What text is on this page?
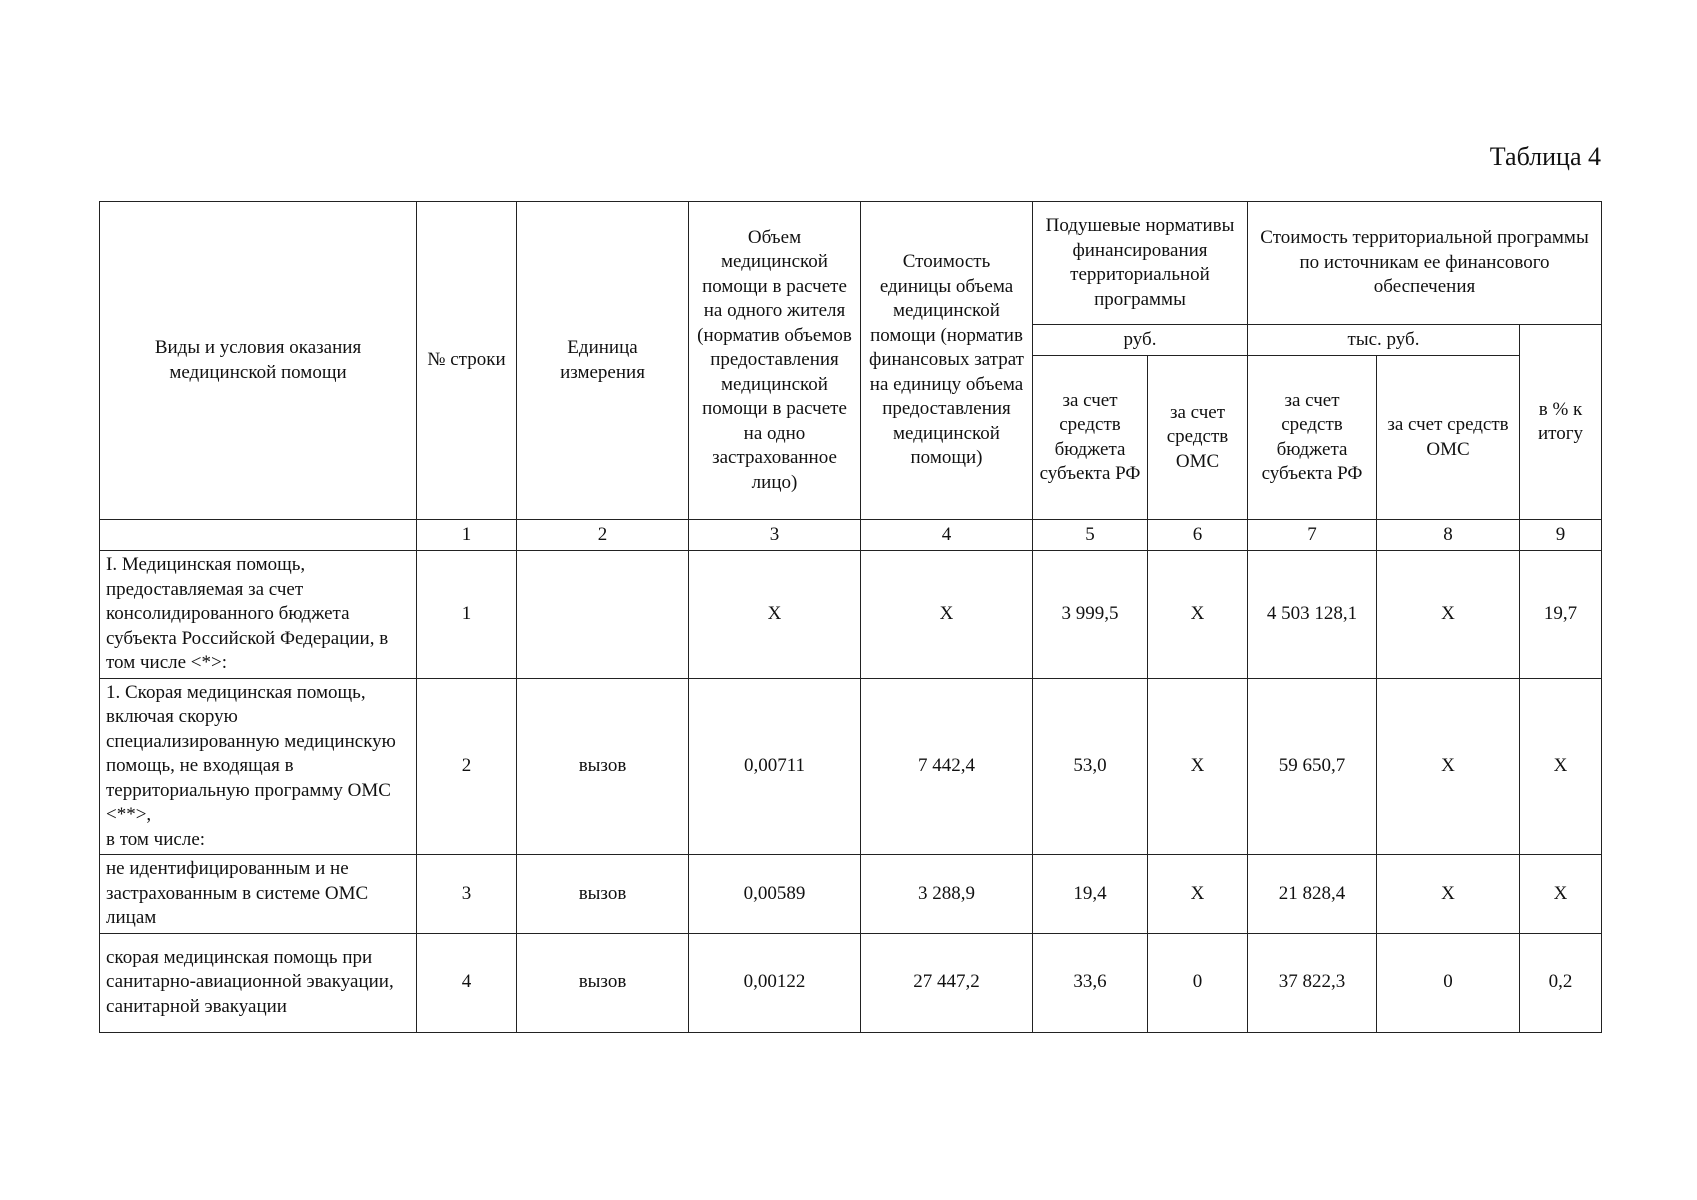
Таблица 4
Виды и условия оказания медицинской помощи	№ строки	Единица измерения	Объем медицинской помощи в расчете на одного жителя (норматив объемов предоставления медицинской помощи в расчете на одно застрахованное лицо)	Стоимость единицы объема медицинской помощи (норматив финансовых затрат на единицу объема предоставления медицинской помощи)	Подушевые нормативы финансирования территориальной программы		Стоимость территориальной программы по источникам ее финансового обеспечения		
					руб.		тыс. руб.		в % к итогу
					за счет средств бюджета субъекта РФ	за счет средств ОМС	за счет средств бюджета субъекта РФ	за счет средств ОМС	
	1	2	3	4	5	6	7	8	9
I. Медицинская помощь, предоставляемая за счет консолидированного бюджета субъекта Российской Федерации, в том числе <*>:	1		X	X	3 999,5	X	4 503 128,1	X	19,7
1. Скорая медицинская помощь, включая скорую специализированную медицинскую помощь, не входящая в территориальную программу ОМС <**>,
в том числе:	2	вызов	0,00711	7 442,4	53,0	X	59 650,7	X	X
не идентифицированным и не застрахованным в системе ОМС лицам	3	вызов	0,00589	3 288,9	19,4	X	21 828,4	X	X
скорая медицинская помощь при санитарно-авиационной эвакуации, санитарной эвакуации	4	вызов	0,00122	27 447,2	33,6	0	37 822,3	0	0,2
